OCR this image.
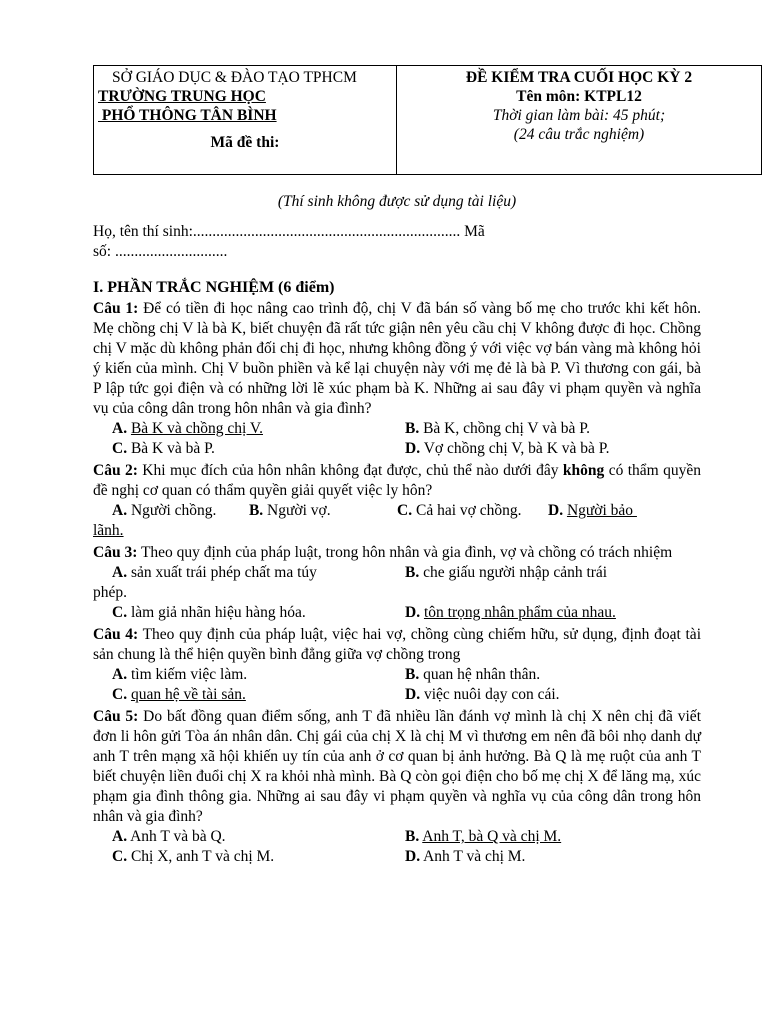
SỞ GIÁO DỤC & ĐÀO TẠO TPHCM
TRƯỜNG TRUNG HỌC
PHỔ THÔNG TÂN BÌNH
Mã đề thi:

ĐỀ KIỂM TRA CUỐI HỌC KỲ 2
Tên môn: KTPL12
Thời gian làm bài: 45 phút;
(24 câu trắc nghiệm)
(Thí sinh không được sử dụng tài liệu)
Họ, tên thí sinh:..................................................................... Mã
số: .............................
I. PHẦN TRẮC NGHIỆM (6 điểm)
Câu 1: Để có tiền đi học nâng cao trình độ, chị V đã bán số vàng bố mẹ cho trước khi kết hôn. Mẹ chồng chị V là bà K, biết chuyện đã rất tức giận nên yêu cầu chị V không được đi học. Chồng chị V mặc dù không phản đối chị đi học, nhưng không đồng ý với việc vợ bán vàng mà không hỏi ý kiến của mình. Chị V buồn phiền và kể lại chuyện này với mẹ đẻ là bà P. Vì thương con gái, bà P lập tức gọi điện và có những lời lẽ xúc phạm bà K. Những ai sau đây vi phạm quyền và nghĩa vụ của công dân trong hôn nhân và gia đình?
A. Bà K và chồng chị V.	B. Bà K, chồng chị V và bà P.
C. Bà K và bà P.	D. Vợ chồng chị V, bà K và bà P.
Câu 2: Khi mục đích của hôn nhân không đạt được, chủ thể nào dưới đây không có thẩm quyền đề nghị cơ quan có thẩm quyền giải quyết việc ly hôn?
A. Người chồng. B. Người vợ.	C. Cả hai vợ chồng. D. Người bảo
lãnh.
Câu 3: Theo quy định của pháp luật, trong hôn nhân và gia đình, vợ và chồng có trách nhiệm
A. sản xuất trái phép chất ma túy	B. che giấu người nhập cảnh trái
phép.
C. làm giả nhãn hiệu hàng hóa.	D. tôn trọng nhân phẩm của nhau.
Câu 4: Theo quy định của pháp luật, việc hai vợ, chồng cùng chiếm hữu, sử dụng, định đoạt tài sản chung là thể hiện quyền bình đẳng giữa vợ chồng trong
A. tìm kiếm việc làm.	B. quan hệ nhân thân.
C. quan hệ về tài sản.	D. việc nuôi dạy con cái.
Câu 5: Do bất đồng quan điểm sống, anh T đã nhiều lần đánh vợ mình là chị X nên chị đã viết đơn li hôn gửi Tòa án nhân dân. Chị gái của chị X là chị M vì thương em nên đã bôi nhọ danh dự anh T trên mạng xã hội khiến uy tín của anh ở cơ quan bị ảnh hưởng. Bà Q là mẹ ruột của anh T biết chuyện liền đuổi chị X ra khỏi nhà mình. Bà Q còn gọi điện cho bố mẹ chị X để lăng mạ, xúc phạm gia đình thông gia. Những ai sau đây vi phạm quyền và nghĩa vụ của công dân trong hôn nhân và gia đình?
A. Anh T và bà Q.	B. Anh T, bà Q và chị M.
C. Chị X, anh T và chị M.	D. Anh T và chị M.
